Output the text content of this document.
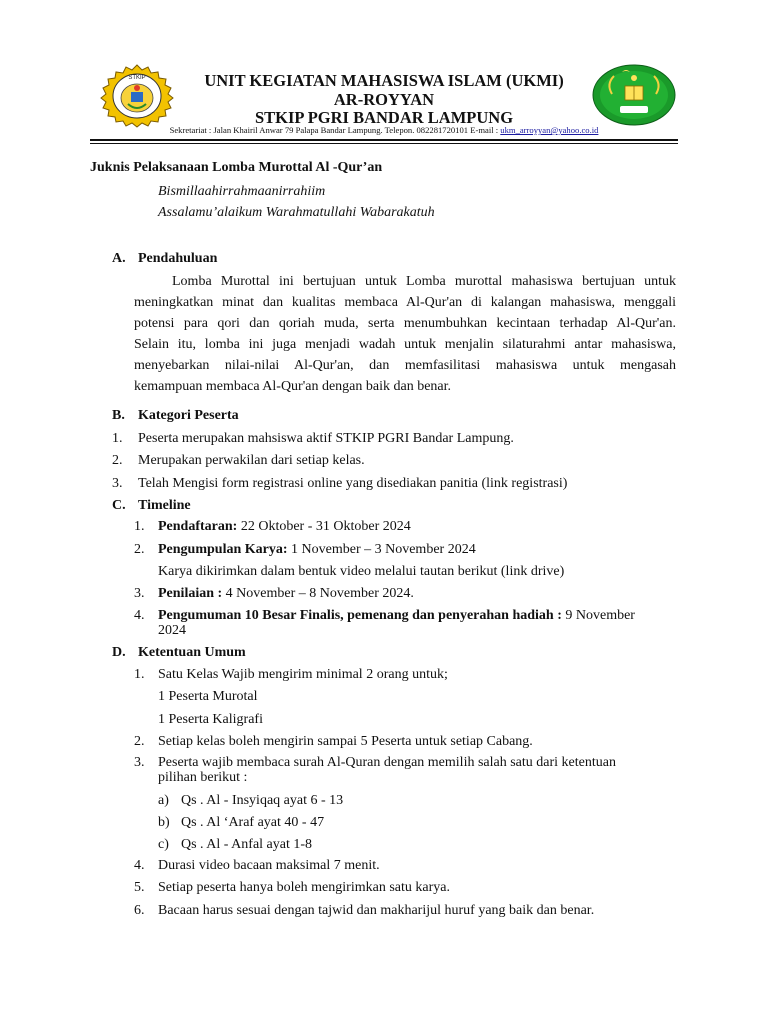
STKIP	UNIT KEGIATAN MAHASISWA ISLAM (UKMI)
AR-ROYYAN
STKIP PGRI BANDAR LAMPUNG
Sekretariat : Jalan Khairil Anwar 79 Palapa Bandar Lampung. Telepon. 082281720101 E-mail : ukm_arroyyan@yahoo.co.id
Juknis Pelaksanaan Lomba Murottal Al -Qur’an
Bismillaahirrahmaanirrahiim
Assalamu’alaikum Warahmatullahi Wabarakatuh
A. Pendahuluan
Lomba Murottal ini bertujuan untuk Lomba murottal mahasiswa bertujuan untuk
meningkatkan minat dan kualitas membaca Al-Qur'an di kalangan mahasiswa, menggali
potensi para qori dan qoriah muda, serta menumbuhkan kecintaan terhadap Al-Qur'an.
Selain itu, lomba ini juga menjadi wadah untuk menjalin silaturahmi antar mahasiswa,
menyebarkan nilai-nilai Al-Qur'an, dan memfasilitasi mahasiswa untuk mengasah
kemampuan membaca Al-Qur'an dengan baik dan benar.
B. Kategori Peserta
1. Peserta merupakan mahsiswa aktif STKIP PGRI Bandar Lampung.
2. Merupakan perwakilan dari setiap kelas.
3. Telah Mengisi form registrasi online yang disediakan panitia (link registrasi)
C. Timeline
1. Pendaftaran: 22 Oktober - 31 Oktober 2024
2. Pengumpulan Karya: 1 November – 3 November 2024
Karya dikirimkan dalam bentuk video melalui tautan berikut (link drive)
3. Penilaian : 4 November – 8 November 2024.
4. Pengumuman 10 Besar Finalis, pemenang dan penyerahan hadiah : 9 November
2024
D. Ketentuan Umum
1. Satu Kelas Wajib mengirim minimal 2 orang untuk;
1 Peserta Murotal
1 Peserta Kaligrafi
2. Setiap kelas boleh mengirin sampai 5 Peserta untuk setiap Cabang.
3. Peserta wajib membaca surah Al-Quran dengan memilih salah satu dari ketentuan
pilihan berikut :
a) Qs . Al - Insyiqaq ayat 6 - 13
b) Qs . Al ‘Araf ayat 40 - 47
c) Qs . Al - Anfal ayat 1-8
4. Durasi video bacaan maksimal 7 menit.
5. Setiap peserta hanya boleh mengirimkan satu karya.
6. Bacaan harus sesuai dengan tajwid dan makharijul huruf yang baik dan benar.
